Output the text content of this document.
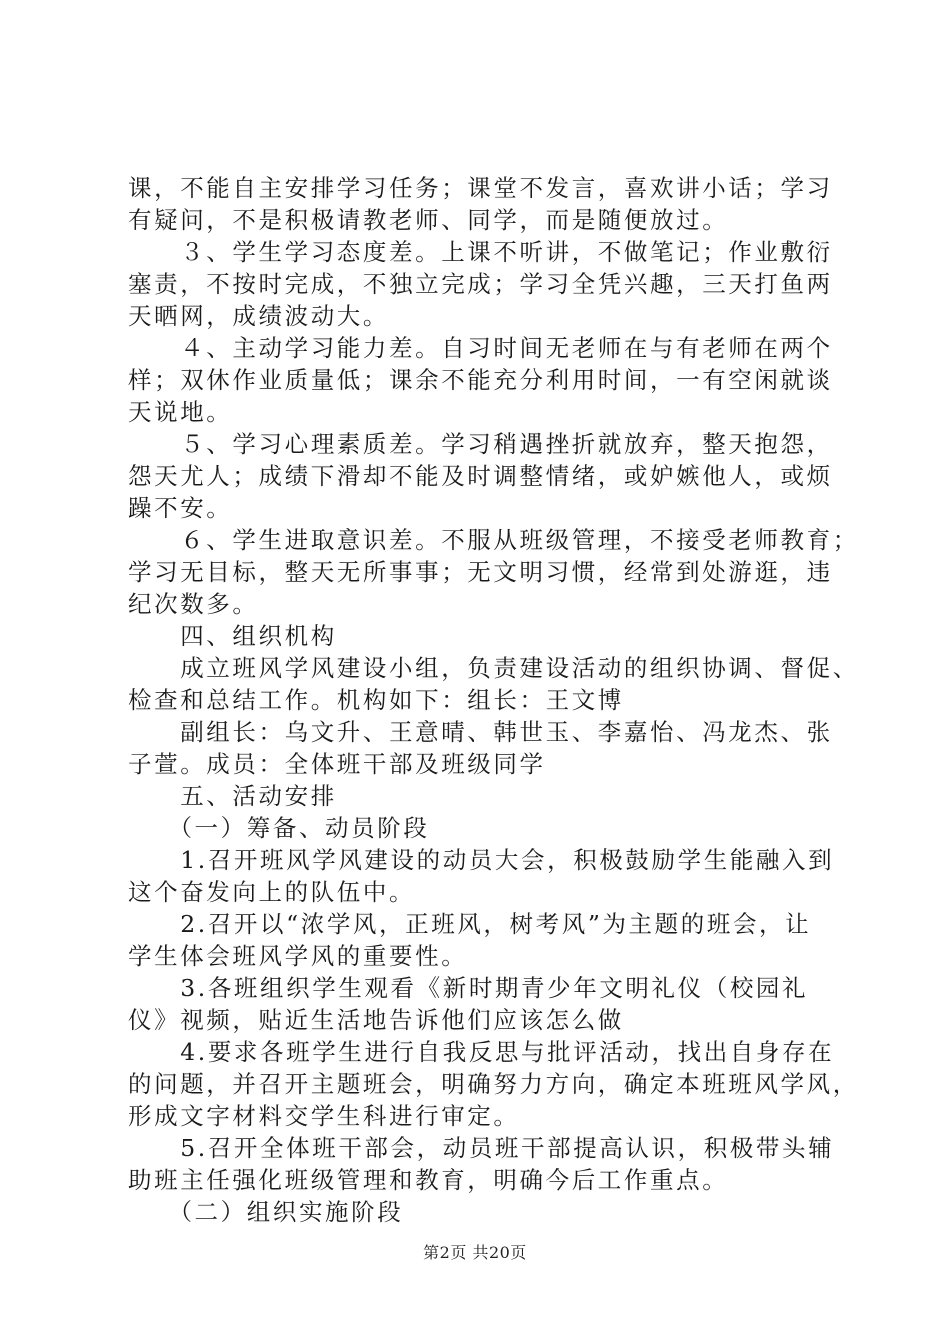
课，不能自主安排学习任务；课堂不发言，喜欢讲小话；学习
有疑问，不是积极请教老师、同学，而是随便放过。
　　３、学生学习态度差。上课不听讲，不做笔记；作业敷衍
塞责，不按时完成，不独立完成；学习全凭兴趣，三天打鱼两
天晒网，成绩波动大。
　　４、主动学习能力差。自习时间无老师在与有老师在两个
样；双休作业质量低；课余不能充分利用时间，一有空闲就谈
天说地。
　　５、学习心理素质差。学习稍遇挫折就放弃，整天抱怨，
怨天尤人；成绩下滑却不能及时调整情绪，或妒嫉他人，或烦
躁不安。
　　６、学生进取意识差。不服从班级管理，不接受老师教育；
学习无目标，整天无所事事；无文明习惯，经常到处游逛，违
纪次数多。
　　四、组织机构
　　成立班风学风建设小组，负责建设活动的组织协调、督促、
检查和总结工作。机构如下：组长：王文博
　　副组长：乌文升、王意晴、韩世玉、李嘉怡、冯龙杰、张
子萱。成员：全体班干部及班级同学
　　五、活动安排
　　（一）筹备、动员阶段
　　1.召开班风学风建设的动员大会，积极鼓励学生能融入到
这个奋发向上的队伍中。
　　2.召开以“浓学风，正班风，树考风”为主题的班会，让
学生体会班风学风的重要性。
　　3.各班组织学生观看《新时期青少年文明礼仪（校园礼
仪》视频，贴近生活地告诉他们应该怎么做
　　4.要求各班学生进行自我反思与批评活动，找出自身存在
的问题，并召开主题班会，明确努力方向，确定本班班风学风，
形成文字材料交学生科进行审定。
　　5.召开全体班干部会，动员班干部提高认识，积极带头辅
助班主任强化班级管理和教育，明确今后工作重点。
　　（二）组织实施阶段
第2页 共20页
